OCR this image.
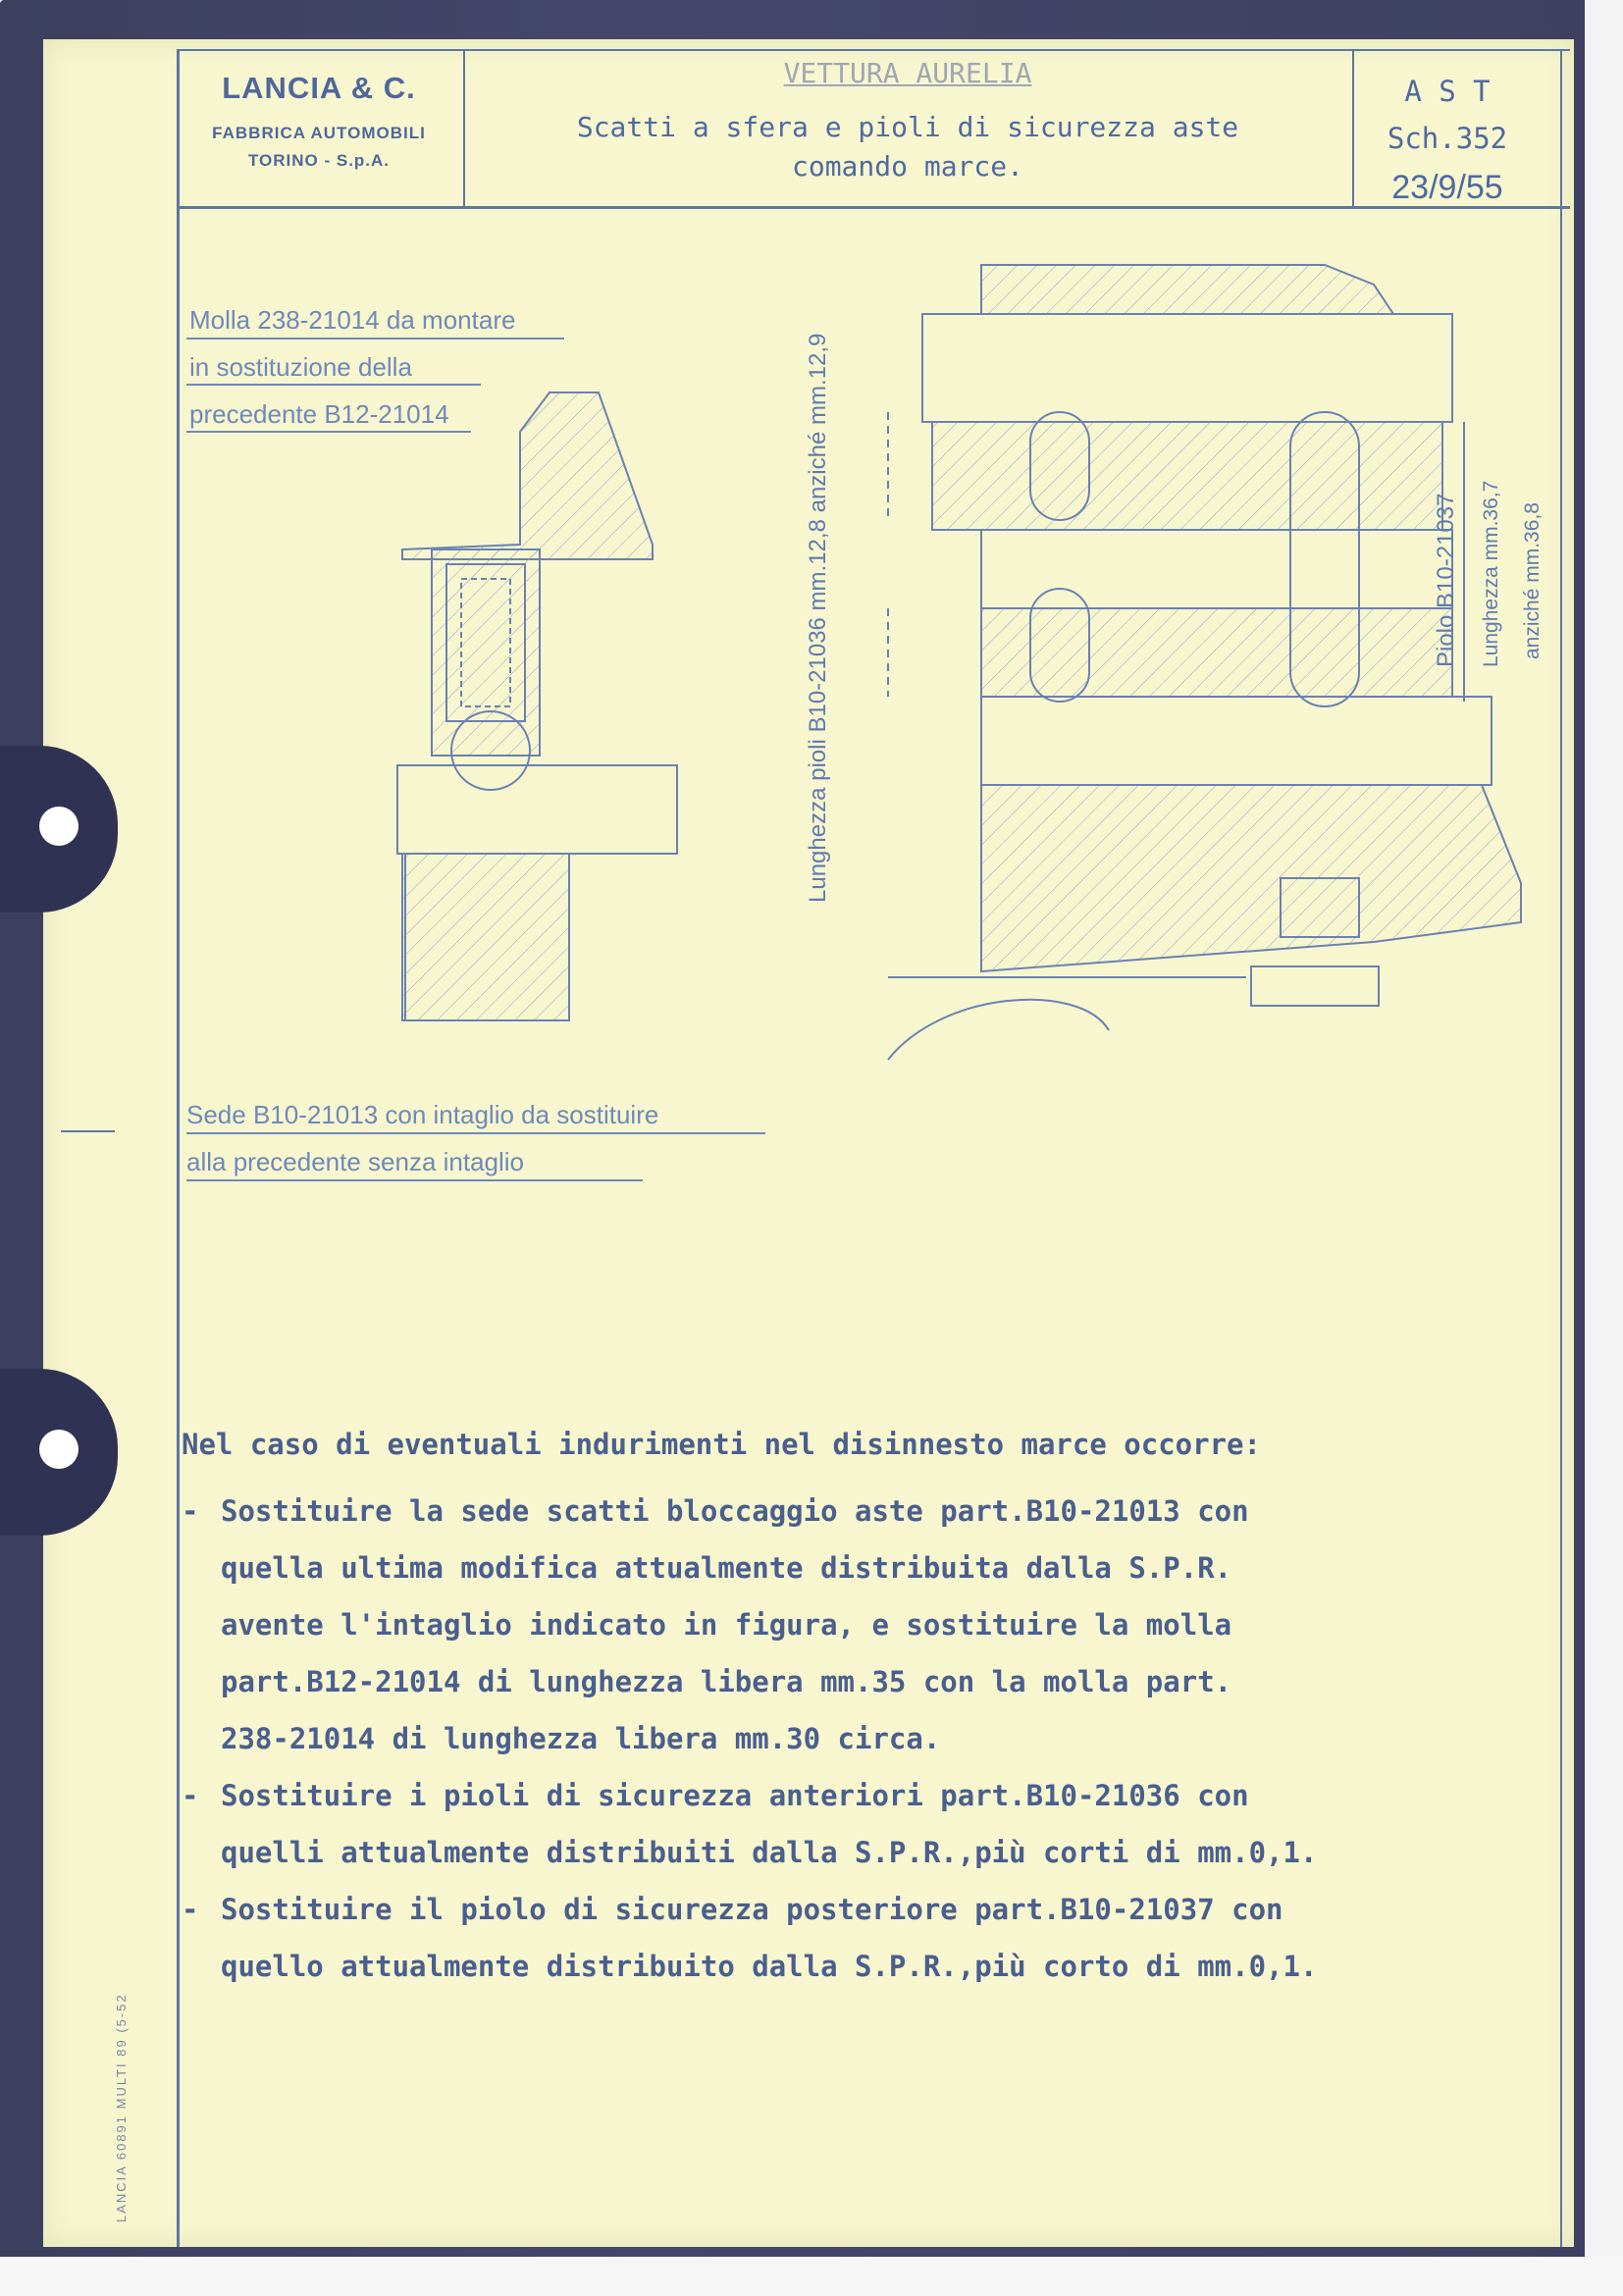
LANCIA & C.
FABBRICA AUTOMOBILI
TORINO - S.p.A.
VETTURA AURELIA
Scatti a sfera e pioli di sicurezza aste
comando marce.
A S T
Sch.352
23/9/55
Molla 238-21014 da montare
in sostituzione della
precedente B12-21014
Sede B10-21013 con intaglio da sostituire
alla precedente senza intaglio
Lunghezza pioli B10-21036 mm.12,8 anziché mm.12,9	Piolo B10-21037 Lunghezza mm.36,7 anziché mm.36,8
Nel caso di eventuali indurimenti nel disinnesto marce occorre:
- Sostituire la sede scatti bloccaggio aste part.B10-21013 con
quella ultima modifica attualmente distribuita dalla S.P.R.
avente l'intaglio indicato in figura, e sostituire la molla
part.B12-21014 di lunghezza libera mm.35 con la molla part.
238-21014 di lunghezza libera mm.30 circa.
- Sostituire i pioli di sicurezza anteriori part.B10-21036 con
quelli attualmente distribuiti dalla S.P.R.,più corti di mm.0,1.
- Sostituire il piolo di sicurezza posteriore part.B10-21037 con
quello attualmente distribuito dalla S.P.R.,più corto di mm.0,1.
LANCIA 60891 MULTI 89 (5-52
